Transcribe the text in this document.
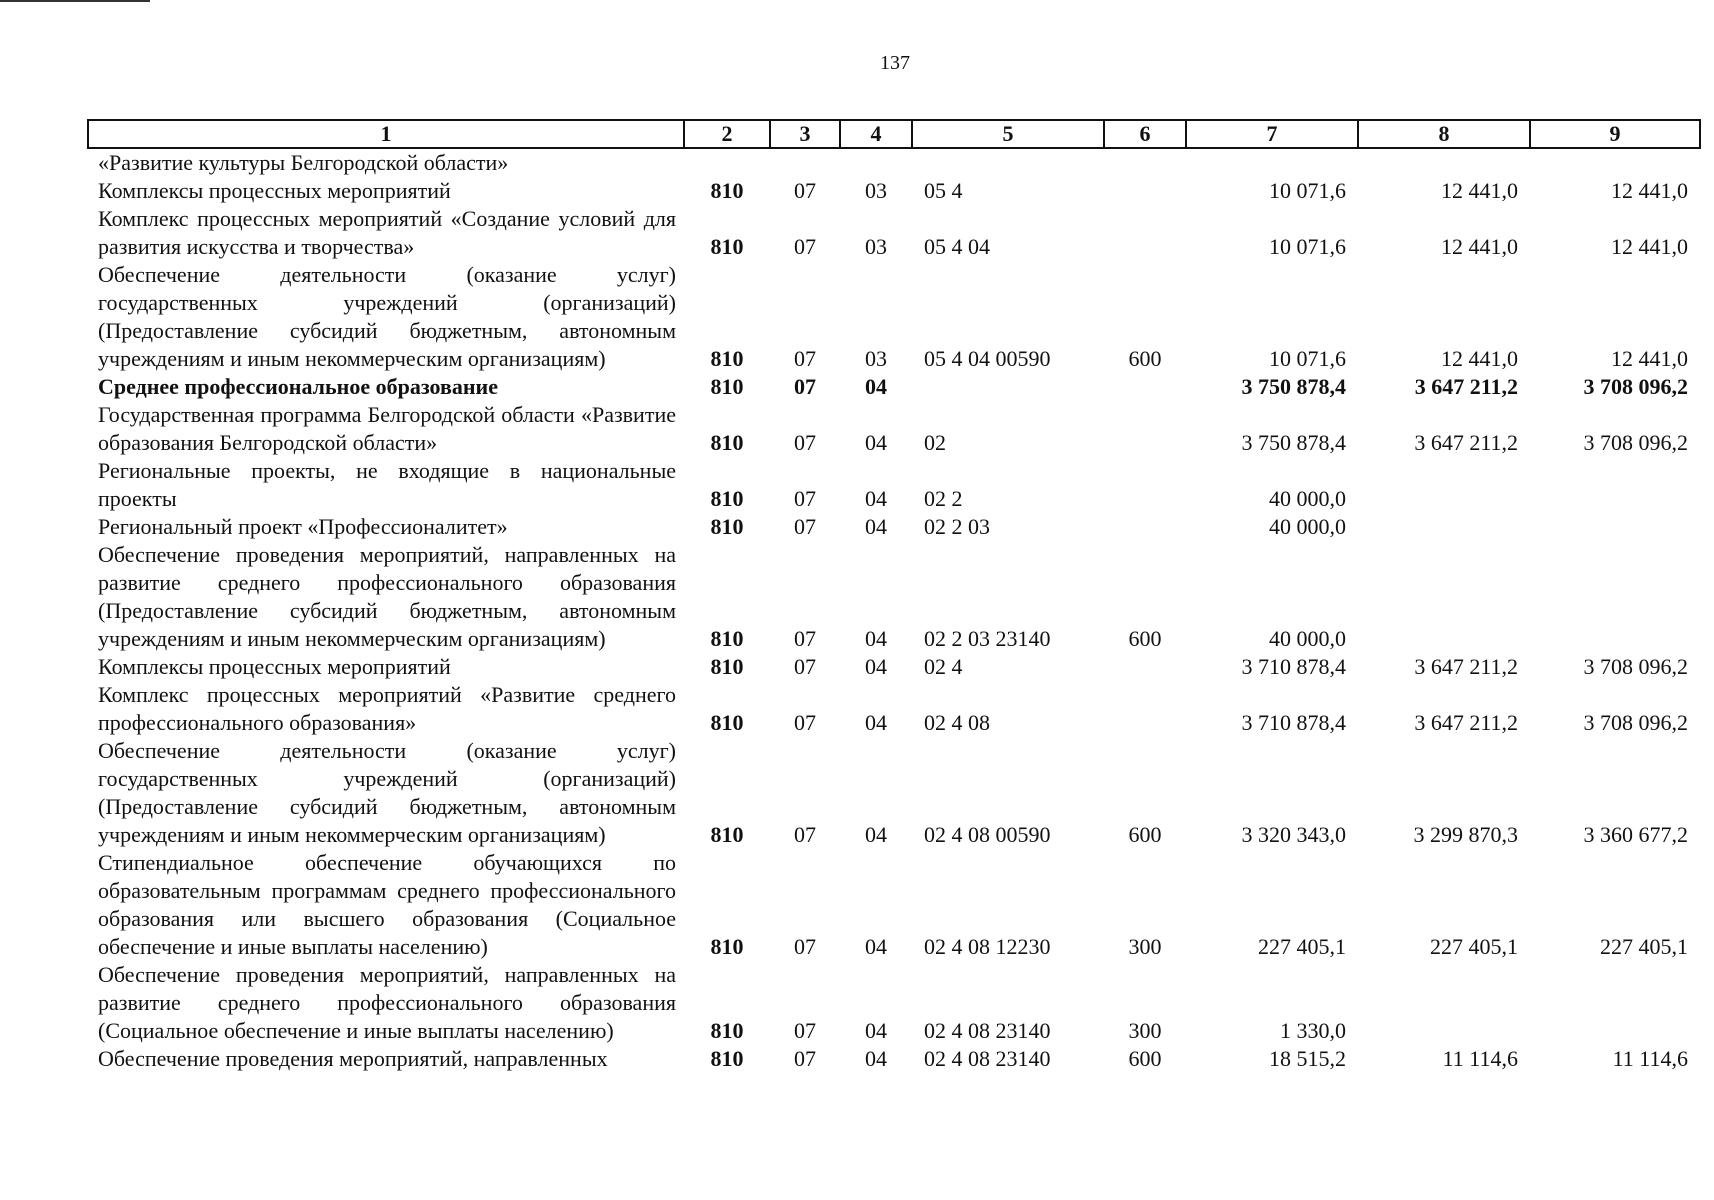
137
1	2	3	4	5	6	7	8	9
«Развитие культуры Белгородской области»								
Комплексы процессных мероприятий	810	07	03	05 4		10 071,6	12 441,0	12 441,0
Комплекс процессных мероприятий «Создание условий для развития искусства и творчества»	810	07	03	05 4 04		10 071,6	12 441,0	12 441,0
Обеспечение деятельности (оказание услуг) государственных учреждений (организаций) (Предоставление субсидий бюджетным, автономным учреждениям и иным некоммерческим организациям)	810	07	03	05 4 04 00590	600	10 071,6	12 441,0	12 441,0
Среднее профессиональное образование	810	07	04			3 750 878,4	3 647 211,2	3 708 096,2
Государственная программа Белгородской области «Развитие образования Белгородской области»	810	07	04	02		3 750 878,4	3 647 211,2	3 708 096,2
Региональные проекты, не входящие в национальные проекты	810	07	04	02 2		40 000,0		
Региональный проект «Профессионалитет»	810	07	04	02 2 03		40 000,0		
Обеспечение проведения мероприятий, направленных на развитие среднего профессионального образования (Предоставление субсидий бюджетным, автономным учреждениям и иным некоммерческим организациям)	810	07	04	02 2 03 23140	600	40 000,0		
Комплексы процессных мероприятий	810	07	04	02 4		3 710 878,4	3 647 211,2	3 708 096,2
Комплекс процессных мероприятий «Развитие среднего профессионального образования»	810	07	04	02 4 08		3 710 878,4	3 647 211,2	3 708 096,2
Обеспечение деятельности (оказание услуг) государственных учреждений (организаций) (Предоставление субсидий бюджетным, автономным учреждениям и иным некоммерческим организациям)	810	07	04	02 4 08 00590	600	3 320 343,0	3 299 870,3	3 360 677,2
Стипендиальное обеспечение обучающихся по образовательным программам среднего профессионального образования или высшего образования (Социальное обеспечение и иные выплаты населению)	810	07	04	02 4 08 12230	300	227 405,1	227 405,1	227 405,1
Обеспечение проведения мероприятий, направленных на развитие среднего профессионального образования (Социальное обеспечение и иные выплаты населению)	810	07	04	02 4 08 23140	300	1 330,0		
Обеспечение проведения мероприятий, направленных	810	07	04	02 4 08 23140	600	18 515,2	11 114,6	11 114,6
